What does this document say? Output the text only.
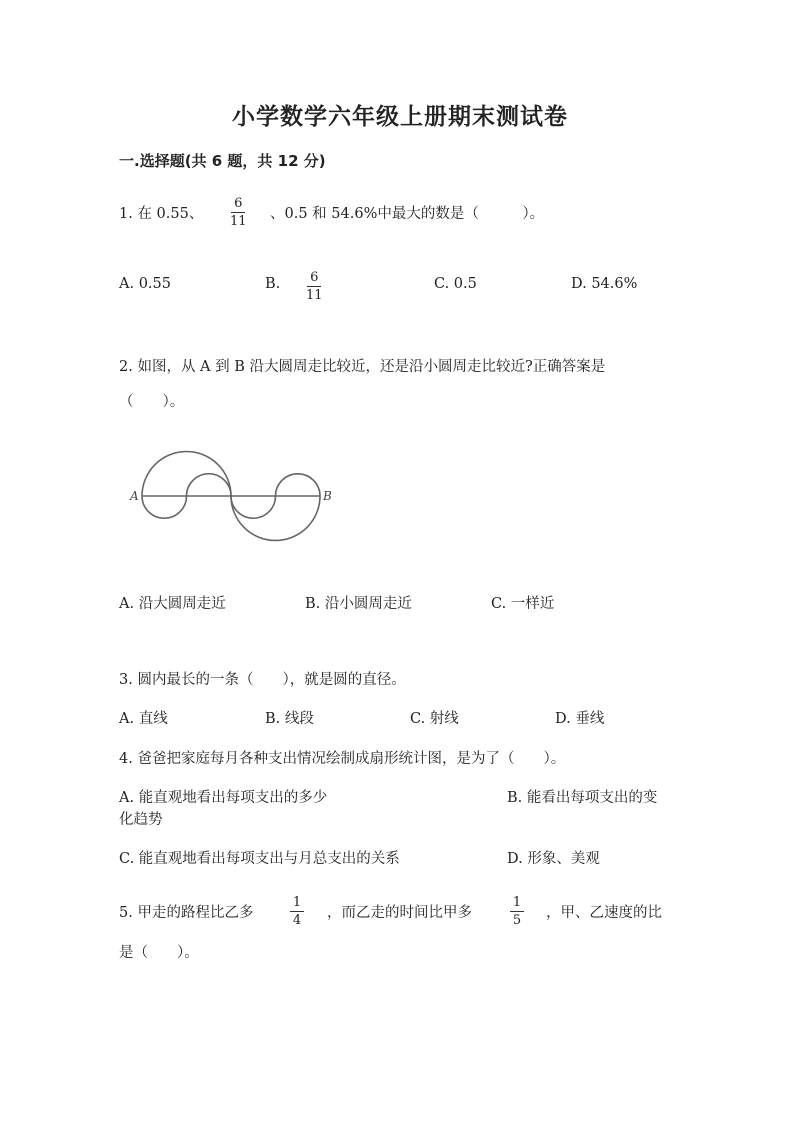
小学数学六年级上册期末测试卷
一.选择题(共 6 题，共 12 分)
1. 在 0.55、
6
11 、0.5 和 54.6%中最大的数是（　　　）。
A. 0.55	B. 6
11
C. 0.5	D. 54.6%
2. 如图，从 A 到 B 沿大圆周走比较近，还是沿小圆周走比较近?正确答案是
（　　）。
A	B
A. 沿大圆周走近	B. 沿小圆周走近	C. 一样近
3. 圆内最长的一条（　　），就是圆的直径。
A. 直线	B. 线段	C. 射线	D. 垂线
4. 爸爸把家庭每月各种支出情况绘制成扇形统计图，是为了（　　）。
A. 能直观地看出每项支出的多少	B. 能看出每项支出的变
化趋势
C. 能直观地看出每项支出与月总支出的关系	D. 形象、美观
5. 甲走的路程比乙多
1
4 ，而乙走的时间比甲多
1
5 ，甲、乙速度的比
是（　　）。
